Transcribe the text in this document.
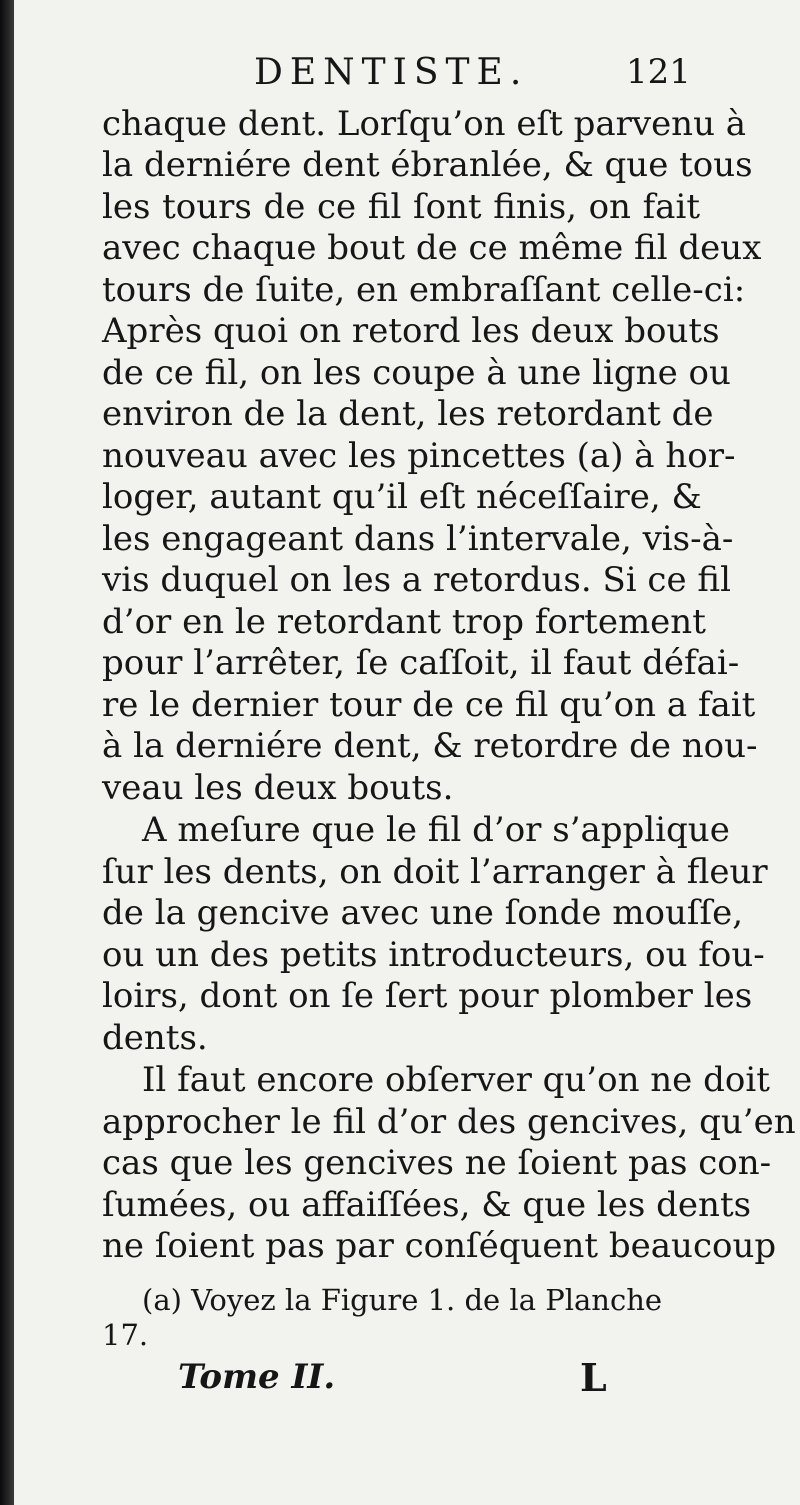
DENTISTE.	121
chaque dent. Lorſqu’on eſt parvenu à
la derniére dent ébranlée, & que tous
les tours de ce fil ſont finis, on fait
avec chaque bout de ce même fil deux
tours de ſuite, en embraſſant celle-ci:
Après quoi on retord les deux bouts
de ce fil, on les coupe à une ligne ou
environ de la dent, les retordant de
nouveau avec les pincettes (a) à hor-
loger, autant qu’il eſt néceſſaire, &
les engageant dans l’intervale, vis-à-
vis duquel on les a retordus. Si ce fil
d’or en le retordant trop fortement
pour l’arrêter, ſe caſſoit, il faut défai-
re le dernier tour de ce fil qu’on a fait
à la derniére dent, & retordre de nou-
veau les deux bouts.
A meſure que le fil d’or s’applique
ſur les dents, on doit l’arranger à fleur
de la gencive avec une ſonde mouſſe,
ou un des petits introducteurs, ou fou-
loirs, dont on ſe ſert pour plomber les
dents.
Il faut encore obſerver qu’on ne doit
approcher le fil d’or des gencives, qu’en
cas que les gencives ne ſoient pas con-
ſumées, ou affaiſſées, & que les dents
ne ſoient pas par conſéquent beaucoup
(a) Voyez la Figure 1. de la Planche
17.
Tome II.	L
